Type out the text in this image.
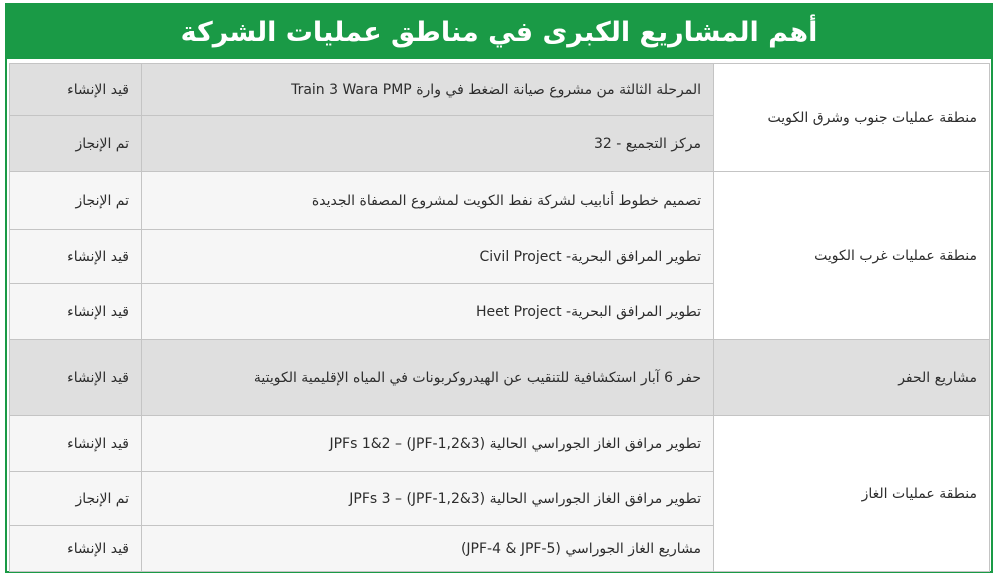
أهم المشاريع الكبرى في مناطق عمليات الشركة
منطقة عمليات جنوب وشرق الكويت	المرحلة الثالثة من مشروع صيانة الضغط في وارة Train 3 Wara PMP	قيد الإنشاء
	مركز التجميع - 32	تم الإنجاز
منطقة عمليات غرب الكويت	تصميم خطوط أنابيب لشركة نفط الكويت لمشروع المصفاة الجديدة	تم الإنجاز
	تطوير المرافق البحرية- Civil Project	قيد الإنشاء
	تطوير المرافق البحرية- Heet Project	قيد الإنشاء
مشاريع الحفر	حفر 6 آبار استكشافية للتنقيب عن الهيدروكربونات في المياه الإقليمية الكويتية	قيد الإنشاء
منطقة عمليات الغاز	تطوير مرافق الغاز الجوراسي الحالية JPFs 1&2 – (JPF-1,2&3)	قيد الإنشاء
	تطوير مرافق الغاز الجوراسي الحالية JPFs 3 – (JPF-1,2&3)	تم الإنجاز
	مشاريع الغاز الجوراسي (JPF-4 & JPF-5)	قيد الإنشاء
